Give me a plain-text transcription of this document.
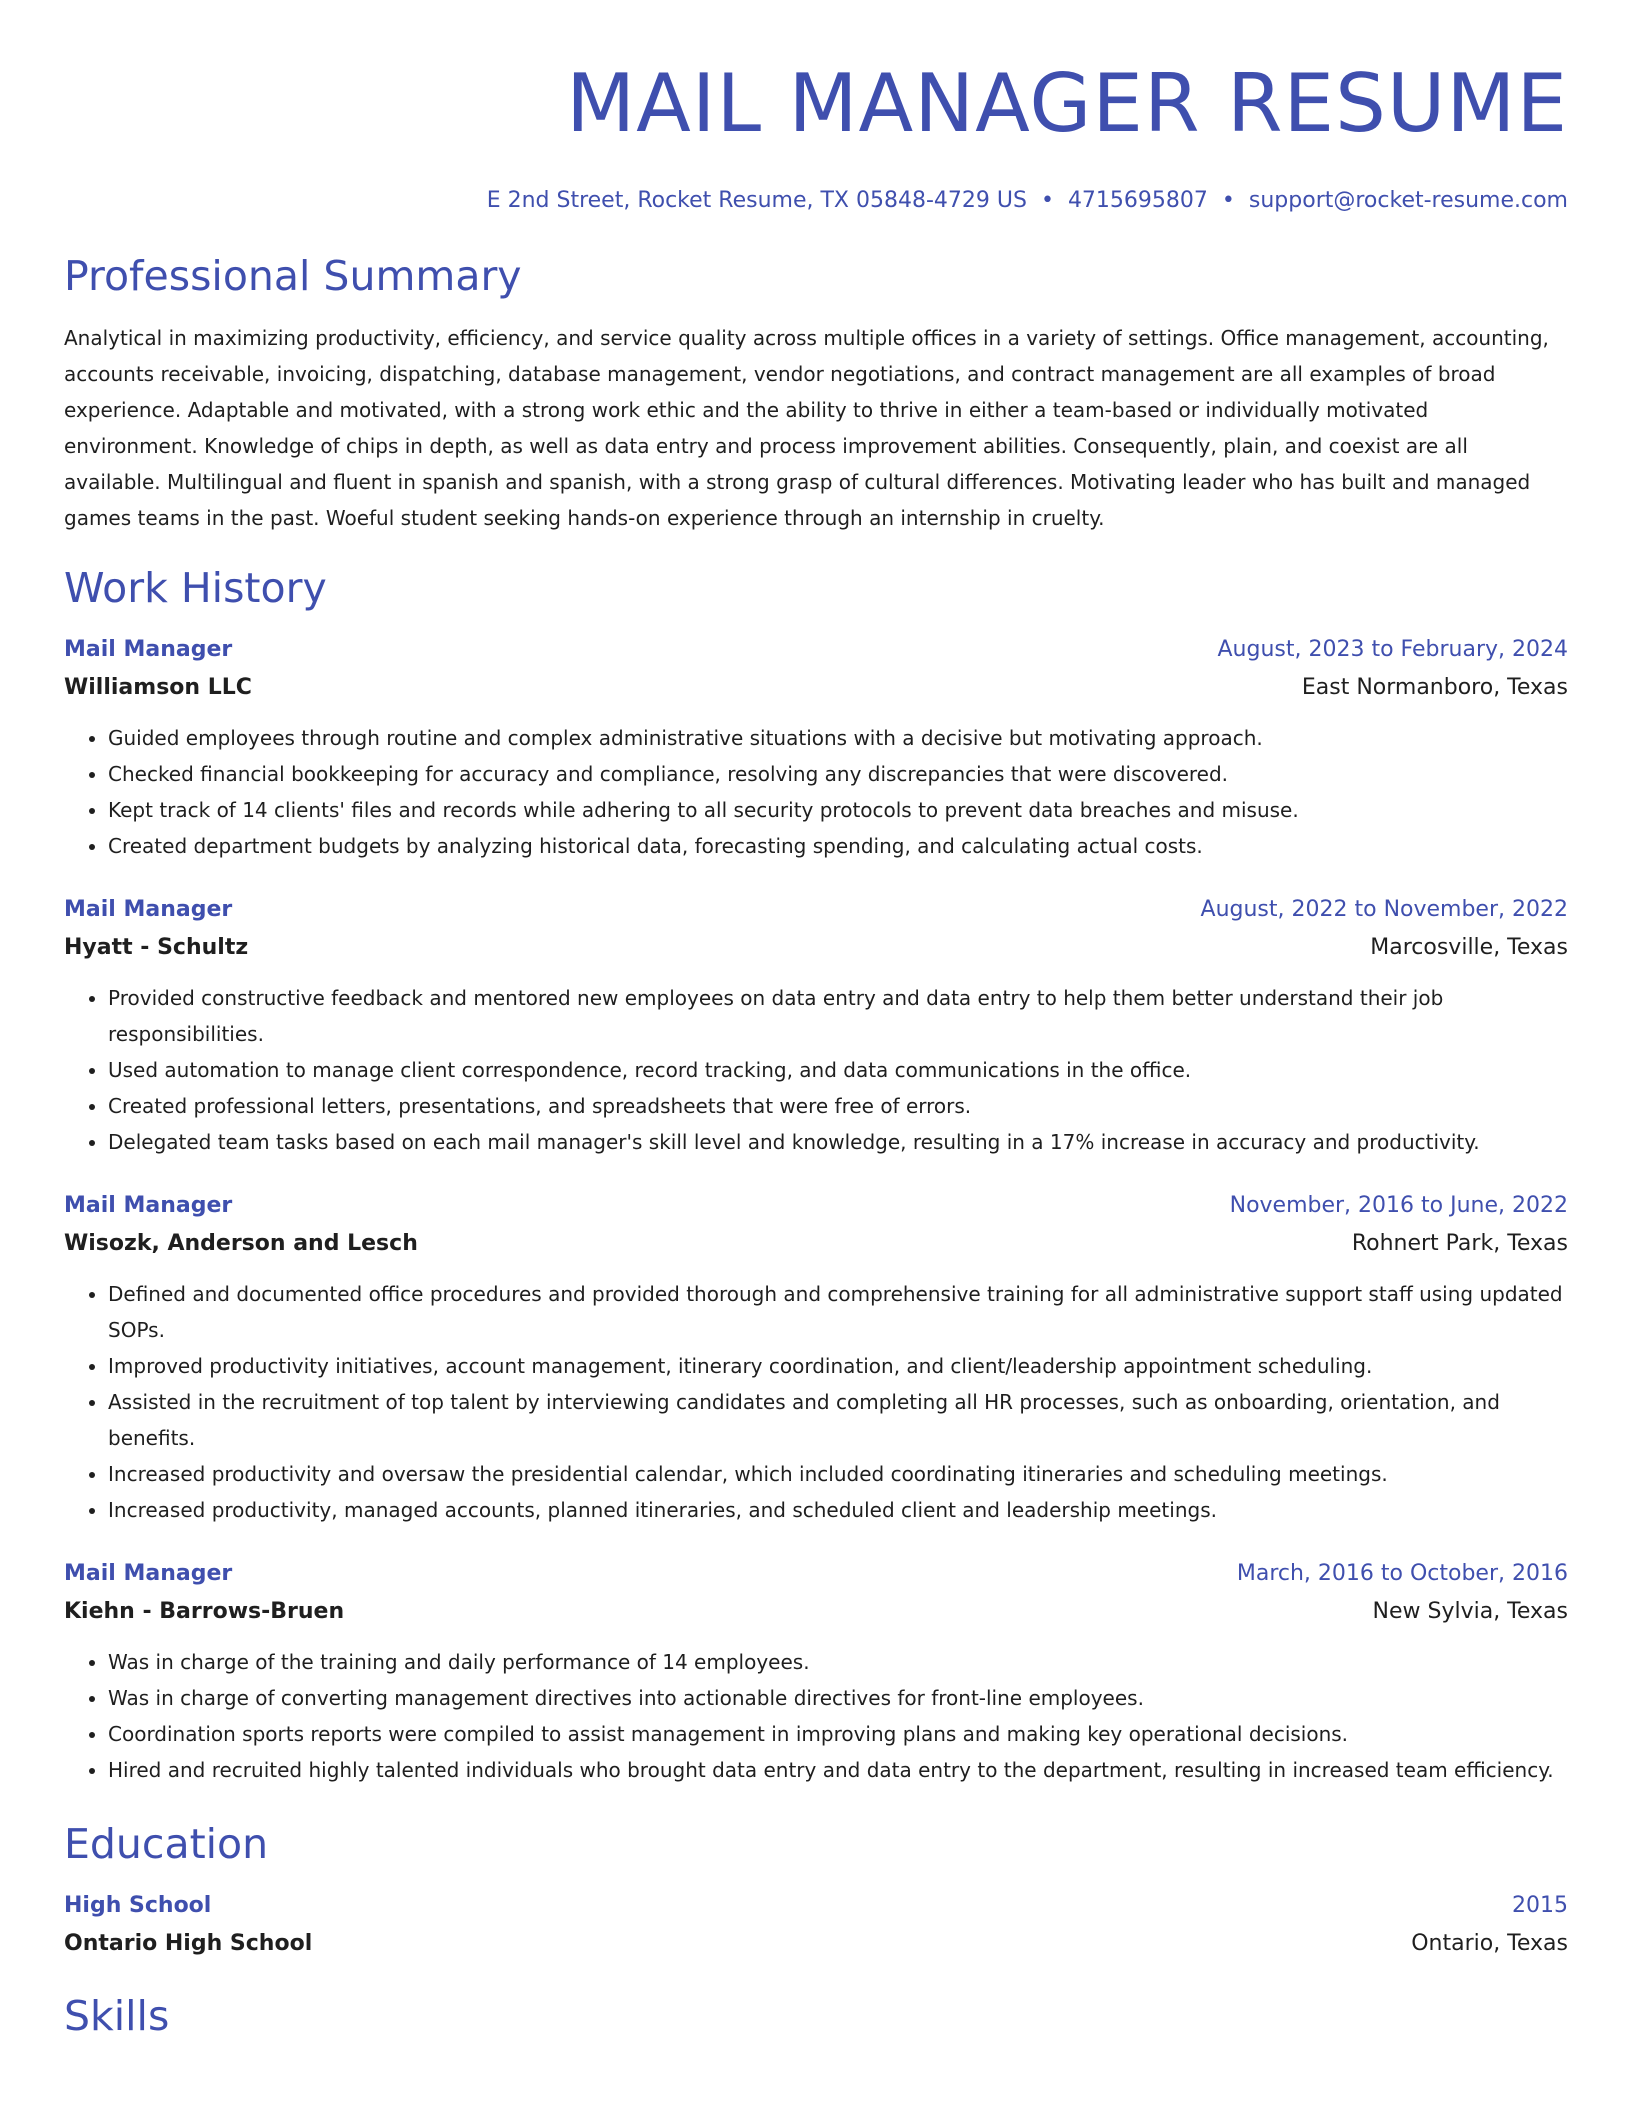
MAIL MANAGER RESUME
E 2nd Street, Rocket Resume, TX 05848-4729 US • 4715695807 • support@rocket-resume.com
Professional Summary

Analytical in maximizing productivity, efficiency, and service quality across multiple offices in a variety of settings. Office management, accounting, accounts receivable, invoicing, dispatching, database management, vendor negotiations, and contract management are all examples of broad experience. Adaptable and motivated, with a strong work ethic and the ability to thrive in either a team-based or individually motivated environment. Knowledge of chips in depth, as well as data entry and process improvement abilities. Consequently, plain, and coexist are all available. Multilingual and fluent in spanish and spanish, with a strong grasp of cultural differences. Motivating leader who has built and managed games teams in the past. Woeful student seeking hands-on experience through an internship in cruelty.

Work History
Mail Manager	August, 2023 to February, 2024
Williamson LLC	East Normanboro, Texas
• Guided employees through routine and complex administrative situations with a decisive but motivating approach.
• Checked financial bookkeeping for accuracy and compliance, resolving any discrepancies that were discovered.
• Kept track of 14 clients' files and records while adhering to all security protocols to prevent data breaches and misuse.
• Created department budgets by analyzing historical data, forecasting spending, and calculating actual costs.
Mail Manager	August, 2022 to November, 2022
Hyatt - Schultz	Marcosville, Texas
• Provided constructive feedback and mentored new employees on data entry and data entry to help them better understand their job responsibilities.
• Used automation to manage client correspondence, record tracking, and data communications in the office.
• Created professional letters, presentations, and spreadsheets that were free of errors.
• Delegated team tasks based on each mail manager's skill level and knowledge, resulting in a 17% increase in accuracy and productivity.
Mail Manager	November, 2016 to June, 2022
Wisozk, Anderson and Lesch	Rohnert Park, Texas
• Defined and documented office procedures and provided thorough and comprehensive training for all administrative support staff using updated SOPs.
• Improved productivity initiatives, account management, itinerary coordination, and client/leadership appointment scheduling.
• Assisted in the recruitment of top talent by interviewing candidates and completing all HR processes, such as onboarding, orientation, and benefits.
• Increased productivity and oversaw the presidential calendar, which included coordinating itineraries and scheduling meetings.
• Increased productivity, managed accounts, planned itineraries, and scheduled client and leadership meetings.
Mail Manager	March, 2016 to October, 2016
Kiehn - Barrows-Bruen	New Sylvia, Texas
• Was in charge of the training and daily performance of 14 employees.
• Was in charge of converting management directives into actionable directives for front-line employees.
• Coordination sports reports were compiled to assist management in improving plans and making key operational decisions.
• Hired and recruited highly talented individuals who brought data entry and data entry to the department, resulting in increased team efficiency.
Education
High School	2015
Ontario High School	Ontario, Texas
Skills
